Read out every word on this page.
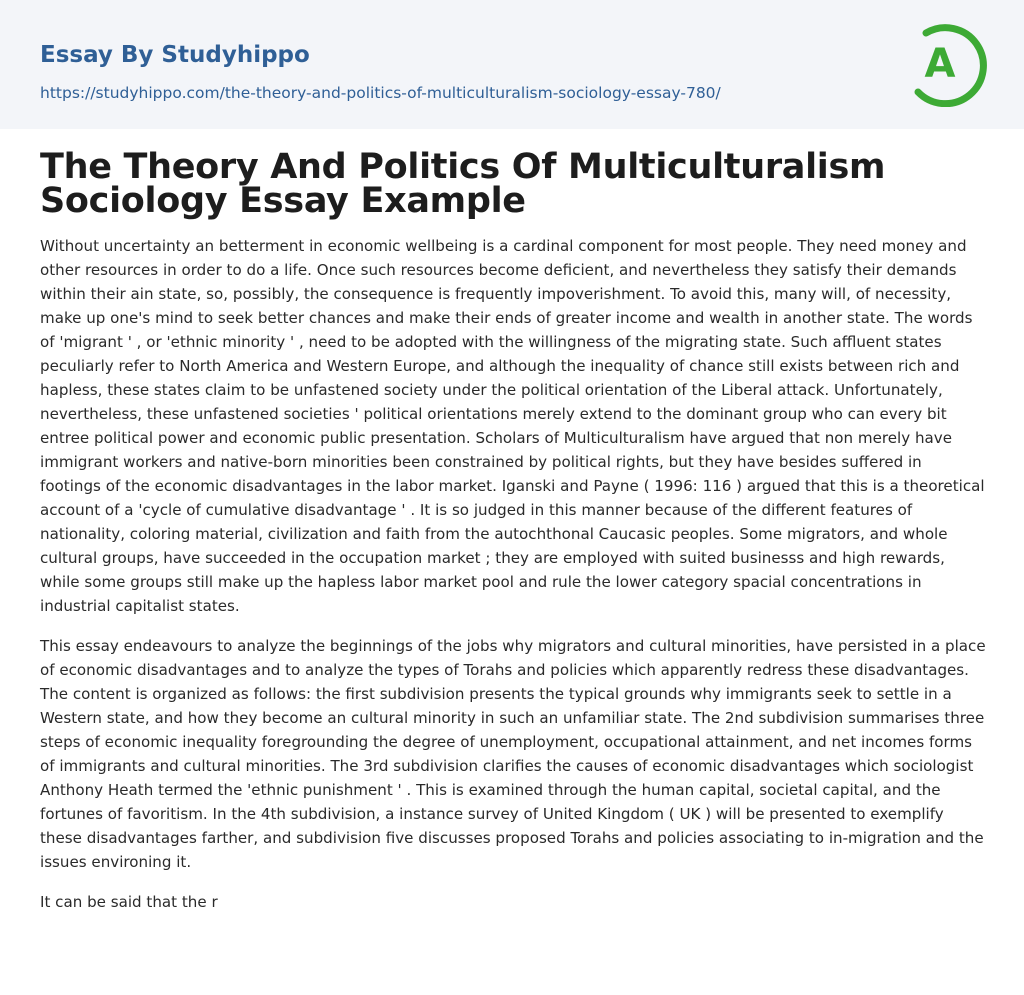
Essay By Studyhippo
https://studyhippo.com/the-theory-and-politics-of-multiculturalism-sociology-essay-780/
A
The Theory And Politics Of Multiculturalism Sociology Essay Example

Without uncertainty an betterment in economic wellbeing is a cardinal component for most people. They need money and other resources in order to do a life. Once such resources become deficient, and nevertheless they satisfy their demands within their ain state, so, possibly, the consequence is frequently impoverishment. To avoid this, many will, of necessity, make up one's mind to seek better chances and make their ends of greater income and wealth in another state. The words of 'migrant ' , or 'ethnic minority ' , need to be adopted with the willingness of the migrating state. Such affluent states peculiarly refer to North America and Western Europe, and although the inequality of chance still exists between rich and hapless, these states claim to be unfastened society under the political orientation of the Liberal attack. Unfortunately, nevertheless, these unfastened societies ' political orientations merely extend to the dominant group who can every bit entree political power and economic public presentation. Scholars of Multiculturalism have argued that non merely have immigrant workers and native-born minorities been constrained by political rights, but they have besides suffered in footings of the economic disadvantages in the labor market. Iganski and Payne ( 1996: 116 ) argued that this is a theoretical account of a 'cycle of cumulative disadvantage ' . It is so judged in this manner because of the different features of nationality, coloring material, civilization and faith from the autochthonal Caucasic peoples. Some migrators, and whole cultural groups, have succeeded in the occupation market ; they are employed with suited businesss and high rewards, while some groups still make up the hapless labor market pool and rule the lower category spacial concentrations in industrial capitalist states.

This essay endeavours to analyze the beginnings of the jobs why migrators and cultural minorities, have persisted in a place of economic disadvantages and to analyze the types of Torahs and policies which apparently redress these disadvantages. The content is organized as follows: the first subdivision presents the typical grounds why immigrants seek to settle in a Western state, and how they become an cultural minority in such an unfamiliar state. The 2nd subdivision summarises three steps of economic inequality foregrounding the degree of unemployment, occupational attainment, and net incomes forms of immigrants and cultural minorities. The 3rd subdivision clarifies the causes of economic disadvantages which sociologist Anthony Heath termed the 'ethnic punishment ' . This is examined through the human capital, societal capital, and the fortunes of favoritism. In the 4th subdivision, a instance survey of United Kingdom ( UK ) will be presented to exemplify these disadvantages farther, and subdivision five discusses proposed Torahs and policies associating to in-migration and the issues environing it.

It can be said that the r
